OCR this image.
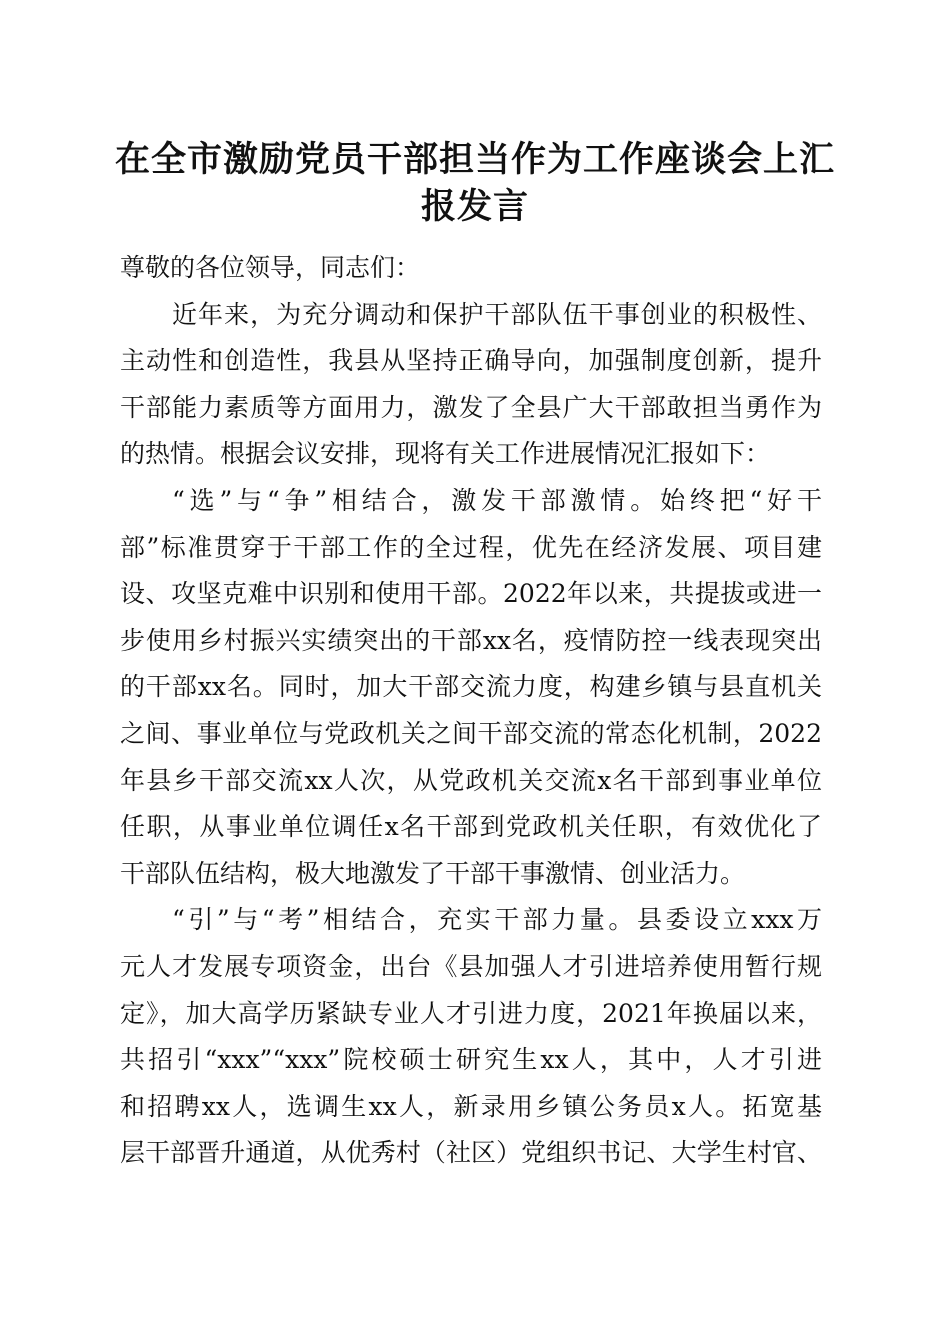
在全市激励党员干部担当作为工作座谈会上汇
报发言
尊敬的各位领导，同志们：
近年来，为充分调动和保护干部队伍干事创业的积极性、
主动性和创造性，我县从坚持正确导向，加强制度创新，提升
干部能力素质等方面用力，激发了全县广大干部敢担当勇作为
的热情。根据会议安排，现将有关工作进展情况汇报如下：
“选”与“争”相结合，激发干部激情。始终把“好干
部”标准贯穿于干部工作的全过程，优先在经济发展、项目建
设、攻坚克难中识别和使用干部。2022年以来，共提拔或进一
步使用乡村振兴实绩突出的干部xx名，疫情防控一线表现突出
的干部xx名。同时，加大干部交流力度，构建乡镇与县直机关
之间、事业单位与党政机关之间干部交流的常态化机制，2022
年县乡干部交流xx人次，从党政机关交流x名干部到事业单位
任职，从事业单位调任x名干部到党政机关任职，有效优化了
干部队伍结构，极大地激发了干部干事激情、创业活力。
“引”与“考”相结合，充实干部力量。县委设立xxx万
元人才发展专项资金，出台《县加强人才引进培养使用暂行规
定》，加大高学历紧缺专业人才引进力度，2021年换届以来，
共招引“xxx”“xxx”院校硕士研究生xx人，其中，人才引进
和招聘xx人，选调生xx人，新录用乡镇公务员x人。拓宽基
层干部晋升通道，从优秀村（社区）党组织书记、大学生村官、
